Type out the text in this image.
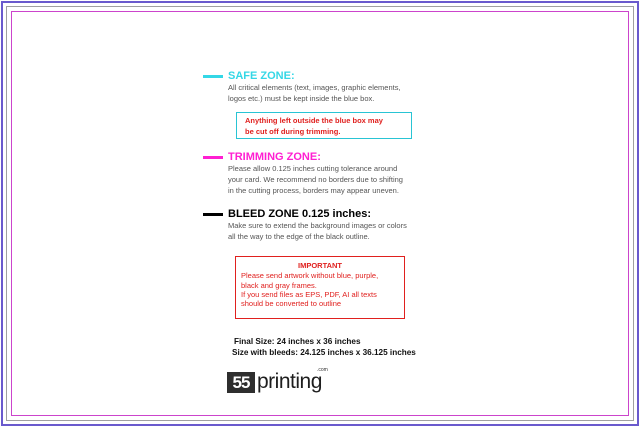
SAFE ZONE:
All critical elements (text, images, graphic elements,
logos etc.) must be kept inside the blue box.
Anything left outside the blue box may
be cut off during trimming.
TRIMMING ZONE:
Please allow 0.125 inches cutting tolerance around
your card. We recommend no borders due to shifting
in the cutting process, borders may appear uneven.
BLEED ZONE 0.125 inches:
Make sure to extend the background images or colors
all the way to the edge of the black outline.
IMPORTANT
Please send artwork without blue, purple,
black and gray frames.
If you send files as EPS, PDF, AI all texts
should be converted to outline
Final Size: 24 inches x 36 inches
Size with bleeds: 24.125 inches x 36.125 inches
55 printing
.com
